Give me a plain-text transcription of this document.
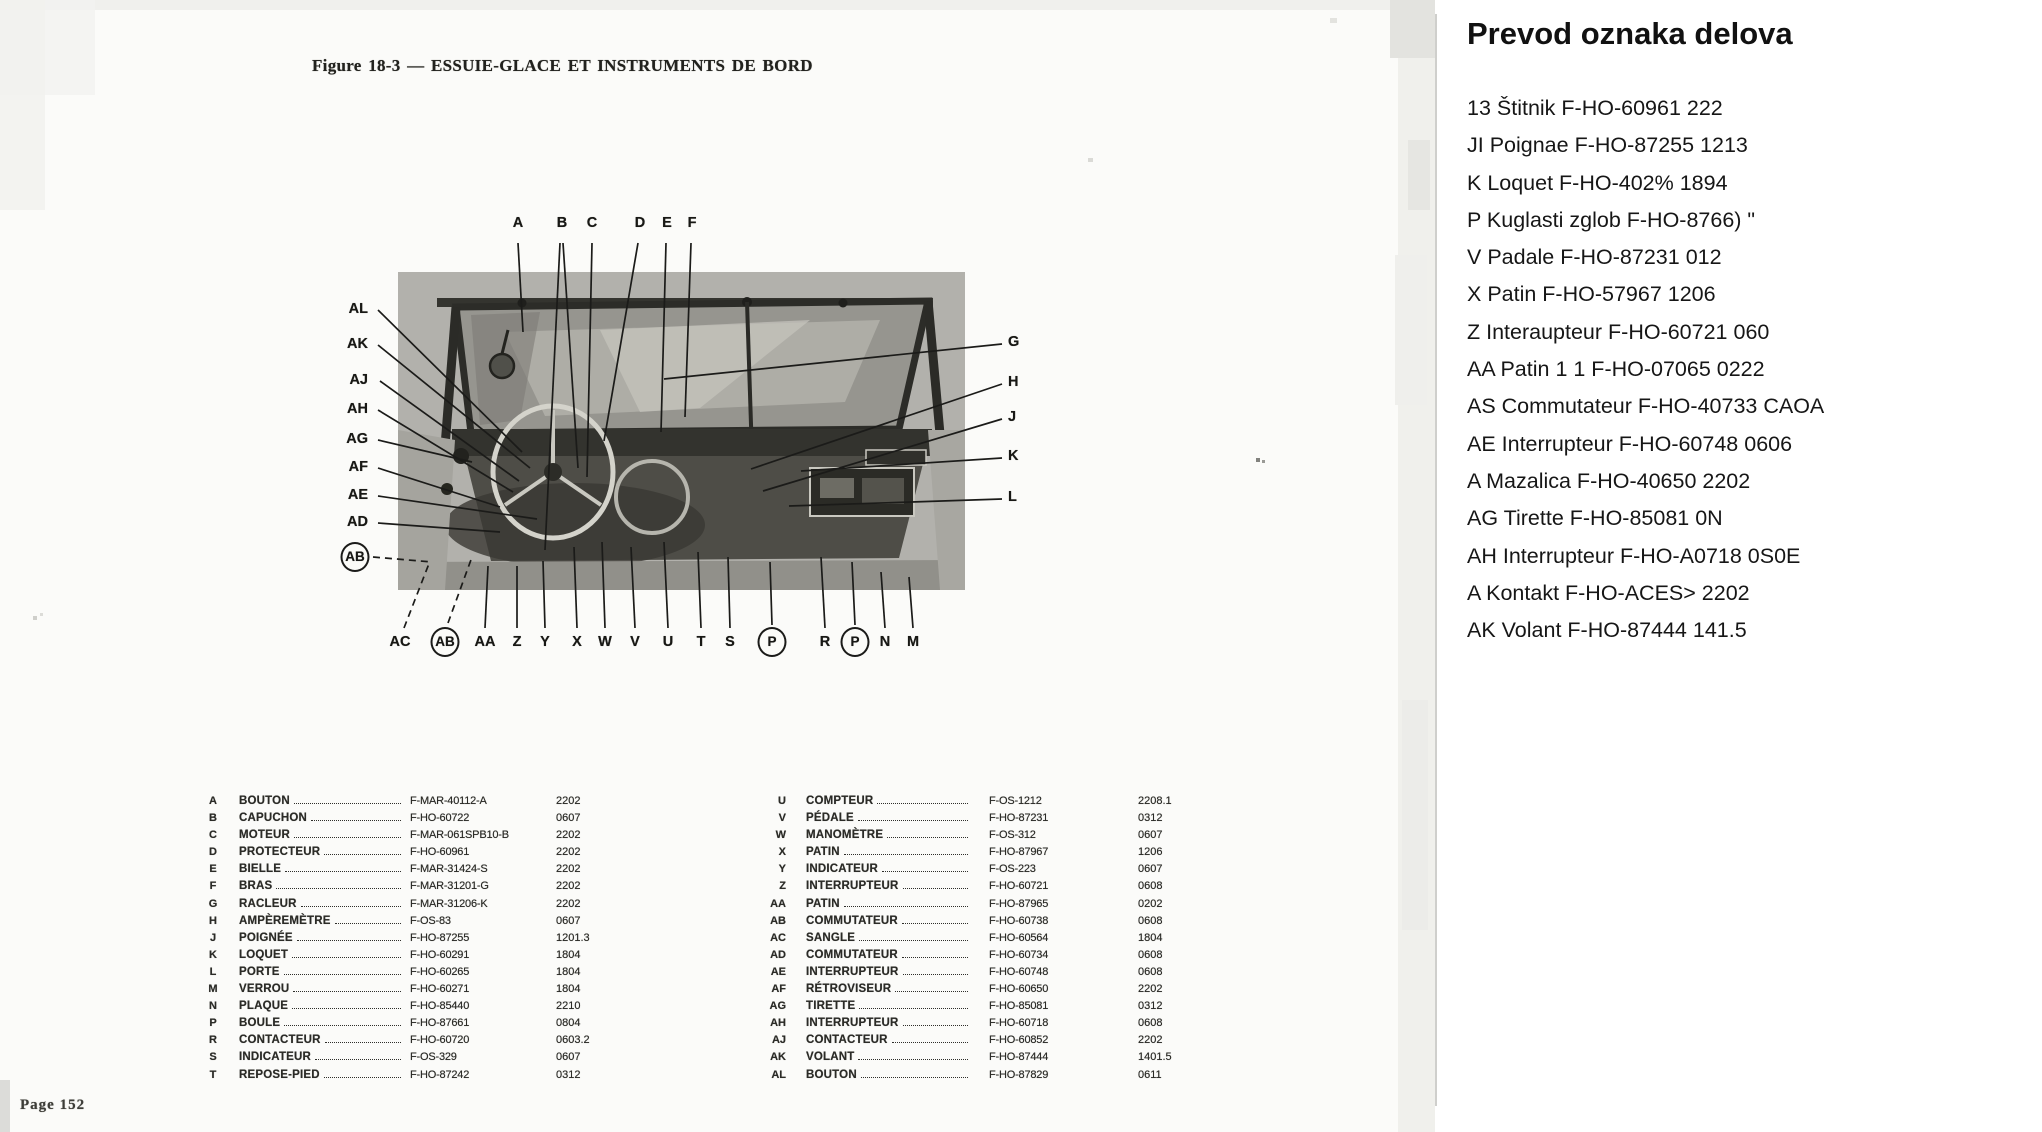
Figure 18-3 — ESSUIE-GLACE ET INSTRUMENTS DE BORD
A B C	D E F
AL
AK
AJ
AH
AG
AF
AE
AD
AB
G
H
J
K
L
AC AB AA Z Y X W V U T S P	R P N M
A	BOUTON	F-MAR-40112-A	2202
B	CAPUCHON	F-HO-60722	0607
C	MOTEUR	F-MAR-061SPB10-B	2202
D	PROTECTEUR	F-HO-60961	2202
E	BIELLE	F-MAR-31424-S	2202
F	BRAS	F-MAR-31201-G	2202
G	RACLEUR	F-MAR-31206-K	2202
H	AMPÈREMÈTRE	F-OS-83	0607
J	POIGNÉE	F-HO-87255	1201.3
K	LOQUET	F-HO-60291	1804
L	PORTE	F-HO-60265	1804
M	VERROU	F-HO-60271	1804
N	PLAQUE	F-HO-85440	2210
P	BOULE	F-HO-87661	0804
R	CONTACTEUR	F-HO-60720	0603.2
S	INDICATEUR	F-OS-329	0607
T	REPOSE-PIED	F-HO-87242	0312
U COMPTEUR	F-OS-1212	2208.1
V PÉDALE	F-HO-87231	0312
W MANOMÈTRE	F-OS-312	0607
X PATIN	F-HO-87967	1206
Y INDICATEUR	F-OS-223	0607
Z INTERRUPTEUR	F-HO-60721	0608
AA PATIN	F-HO-87965	0202
AB COMMUTATEUR	F-HO-60738	0608
AC SANGLE	F-HO-60564	1804
AD COMMUTATEUR	F-HO-60734	0608
AE INTERRUPTEUR	F-HO-60748	0608
AF RÉTROVISEUR	F-HO-60650	2202
AG TIRETTE	F-HO-85081	0312
AH INTERRUPTEUR	F-HO-60718	0608
AJ CONTACTEUR	F-HO-60852	2202
AK VOLANT	F-HO-87444	1401.5
AL BOUTON	F-HO-87829	0611
Page 152
Prevod oznaka delova
13 Štitnik F-HO-60961 222
JI Poignae F-HO-87255 1213
K Loquet F-HO-402% 1894
P Kuglasti zglob F-HO-8766) "
V Padale F-HO-87231 012
X Patin F-HO-57967 1206
Z Interaupteur F-HO-60721 060
AA Patin 1 1 F-HO-07065 0222
AS Commutateur F-HO-40733 CAOA
AE Interrupteur F-HO-60748 0606
A Mazalica F-HO-40650 2202
AG Tirette F-HO-85081 0N
AH Interrupteur F-HO-A0718 0S0E
A Kontakt F-HO-ACES> 2202
AK Volant F-HO-87444 141.5
